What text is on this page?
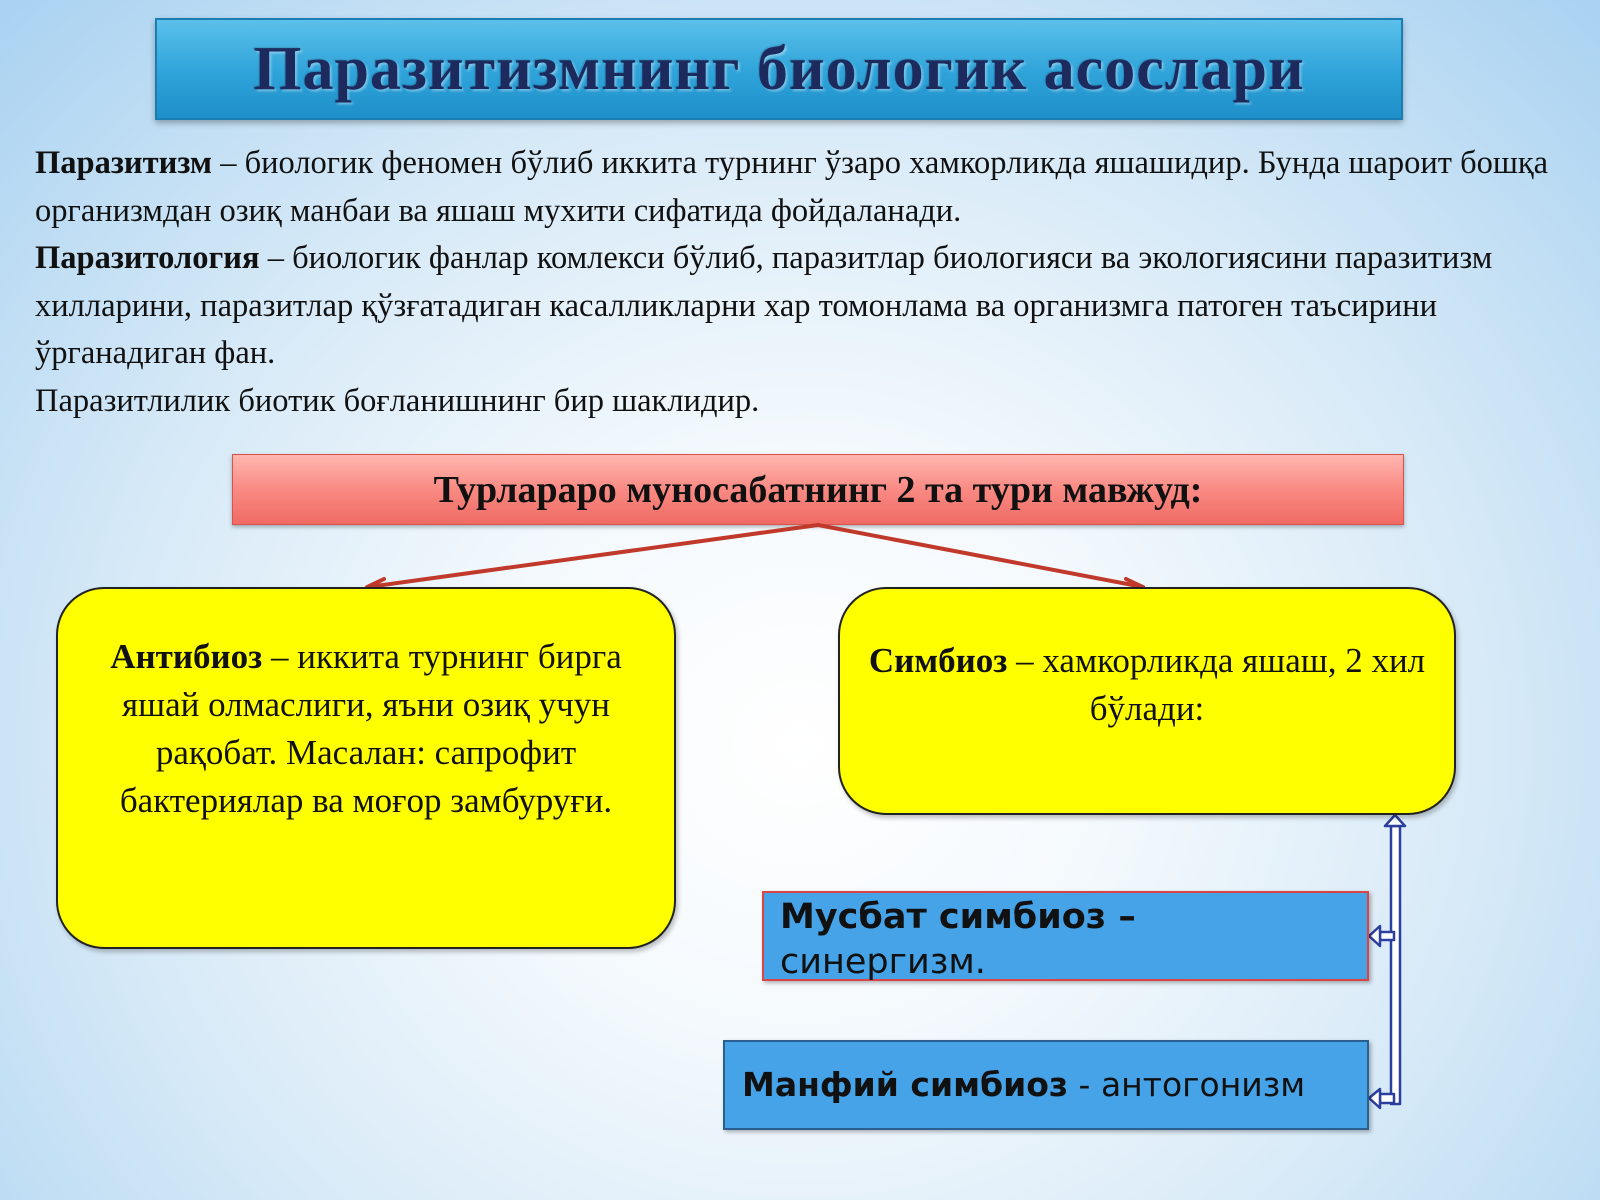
Паразитизмнинг биологик асослари

Паразитизм – биологик феномен бўлиб иккита турнинг ўзаро хамкорликда яшашидир. Бунда шароит бошқа организмдан озиқ манбаи ва яшаш мухити сифатида фойдаланади.

Паразитология – биологик фанлар комлекси бўлиб, паразитлар биологияси ва экологиясини паразитизм хилларини, паразитлар қўзғатадиган касалликларни хар томонлама ва организмга патоген таъсирини ўрганадиган фан.

Паразитлилик биотик боғланишнинг бир шаклидир.

Турлараро муносабатнинг 2 та тури мавжуд:
Антибиоз – иккита турнинг бирга яшай олмаслиги, яъни озиқ учун рақобат. Масалан: сапрофит бактериялар ва моғор замбуруғи.
Симбиоз – хамкорликда яшаш, 2 хил бўлади:
Мусбат симбиоз –
синергизм.
Манфий симбиоз - антогонизм
